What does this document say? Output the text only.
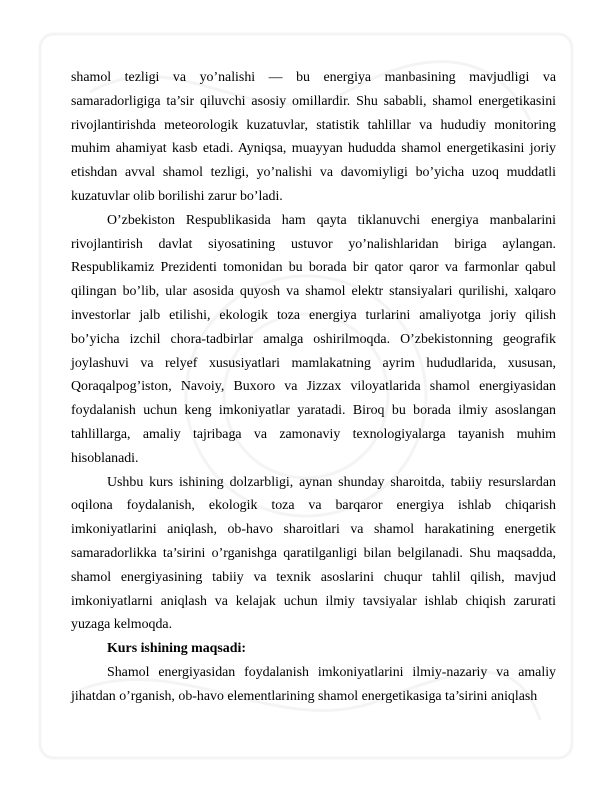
shamol tezligi va yo’nalishi — bu energiya manbasining mavjudligi va samaradorligiga ta’sir qiluvchi asosiy omillardir. Shu sababli, shamol energetikasini rivojlantirishda meteorologik kuzatuvlar, statistik tahlillar va hududiy monitoring muhim ahamiyat kasb etadi. Ayniqsa, muayyan hududda shamol energetikasini joriy etishdan avval shamol tezligi, yo’nalishi va davomiyligi bo’yicha uzoq muddatli kuzatuvlar olib borilishi zarur bo’ladi.

O’zbekiston Respublikasida ham qayta tiklanuvchi energiya manbalarini rivojlantirish davlat siyosatining ustuvor yo’nalishlaridan biriga aylangan. Respublikamiz Prezidenti tomonidan bu borada bir qator qaror va farmonlar qabul qilingan bo’lib, ular asosida quyosh va shamol elektr stansiyalari qurilishi, xalqaro investorlar jalb etilishi, ekologik toza energiya turlarini amaliyotga joriy qilish bo’yicha izchil chora-tadbirlar amalga oshirilmoqda. O’zbekistonning geografik joylashuvi va relyef xususiyatlari mamlakatning ayrim hududlarida, xususan, Qoraqalpog’iston, Navoiy, Buxoro va Jizzax viloyatlarida shamol energiyasidan foydalanish uchun keng imkoniyatlar yaratadi. Biroq bu borada ilmiy asoslangan tahlillarga, amaliy tajribaga va zamonaviy texnologiyalarga tayanish muhim hisoblanadi.

Ushbu kurs ishining dolzarbligi, aynan shunday sharoitda, tabiiy resurslardan oqilona foydalanish, ekologik toza va barqaror energiya ishlab chiqarish imkoniyatlarini aniqlash, ob-havo sharoitlari va shamol harakatining energetik samaradorlikka ta’sirini o’rganishga qaratilganligi bilan belgilanadi. Shu maqsadda, shamol energiyasining tabiiy va texnik asoslarini chuqur tahlil qilish, mavjud imkoniyatlarni aniqlash va kelajak uchun ilmiy tavsiyalar ishlab chiqish zarurati yuzaga kelmoqda.

Kurs ishining maqsadi:

Shamol energiyasidan foydalanish imkoniyatlarini ilmiy-nazariy va amaliy jihatdan o’rganish, ob-havo elementlarining shamol energetikasiga ta’sirini aniqlash
